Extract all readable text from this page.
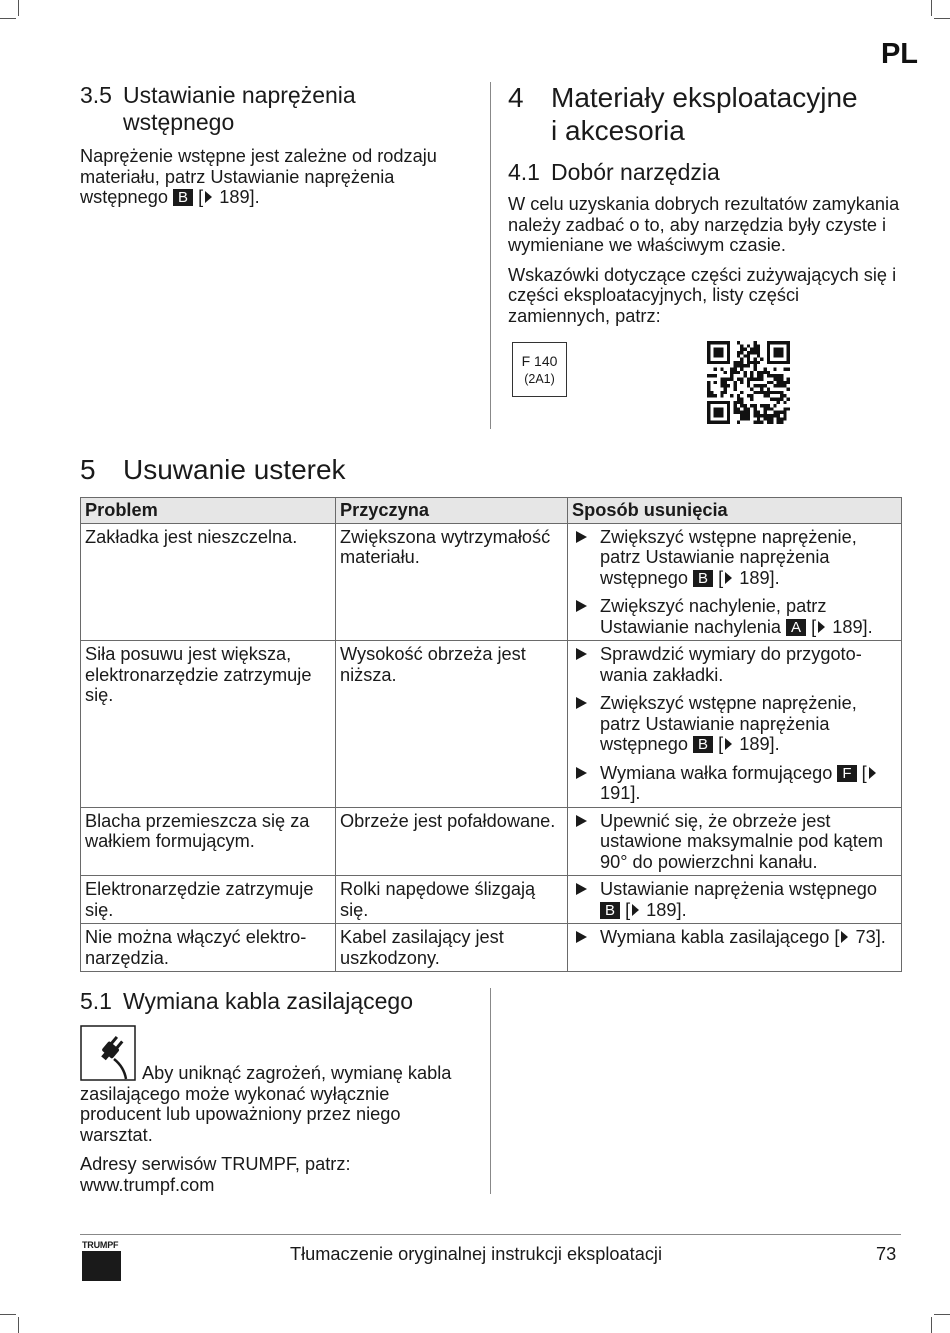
PL
3.5 Ustawianie naprężenia
wstępnego

Naprężenie wstępne jest zależne od rodzaju materiału, patrz Ustawianie naprężenia wstępnego B [ 189].

4 Materiały eksploatacyjne
i akcesoria
4.1 Dobór narzędzia

W celu uzyskania dobrych rezultatów zamykania należy zadbać o to, aby narzędzia były czyste i wymieniane we właściwym czasie.

Wskazówki dotyczące części zużywających się i części eksploatacyjnych, listy części zamiennych, patrz:

F 140
(2A1)
5 Usuwanie usterek
Problem	Przyczyna	Sposób usunięcia
Zakładka jest nieszczelna.	Zwiększona wytrzymałość materiału.	Zwiększyć wstępne naprężenie, patrz Ustawianie naprężenia wstępnego B [ 189].
Zwiększyć nachylenie, patrz Ustawianie nachylenia A [ 189].

Siła posuwu jest większa, elektronarzędzie zatrzymuje się.	Wysokość obrzeża jest niższa.	Sprawdzić wymiary do przygotowania zakładki.
Zwiększyć wstępne naprężenie, patrz Ustawianie naprężenia wstępnego B [ 189].
Wymiana wałka formującego F [ 191].

Blacha przemieszcza się za wałkiem formującym.	Obrzeże jest pofałdowane.	Upewnić się, że obrzeże jest ustawione maksymalnie pod kątem 90° do powierzchni kanału.

Elektronarzędzie zatrzymuje się.	Rolki napędowe ślizgają się.	Ustawianie naprężenia wstępnego B [ 189].

Nie można włączyć elektronarzędzia.	Kabel zasilający jest uszkodzony.	Wymiana kabla zasilającego [ 73].
5.1 Wymiana kabla zasilającego

Aby uniknąć zagrożeń, wymianę kabla zasilającego może wykonać wyłącznie producent lub upoważniony przez niego warsztat.

Adresy serwisów TRUMPF, patrz: www.trumpf.com

TRUMPF	Tłumaczenie oryginalnej instrukcji eksploatacji	73
